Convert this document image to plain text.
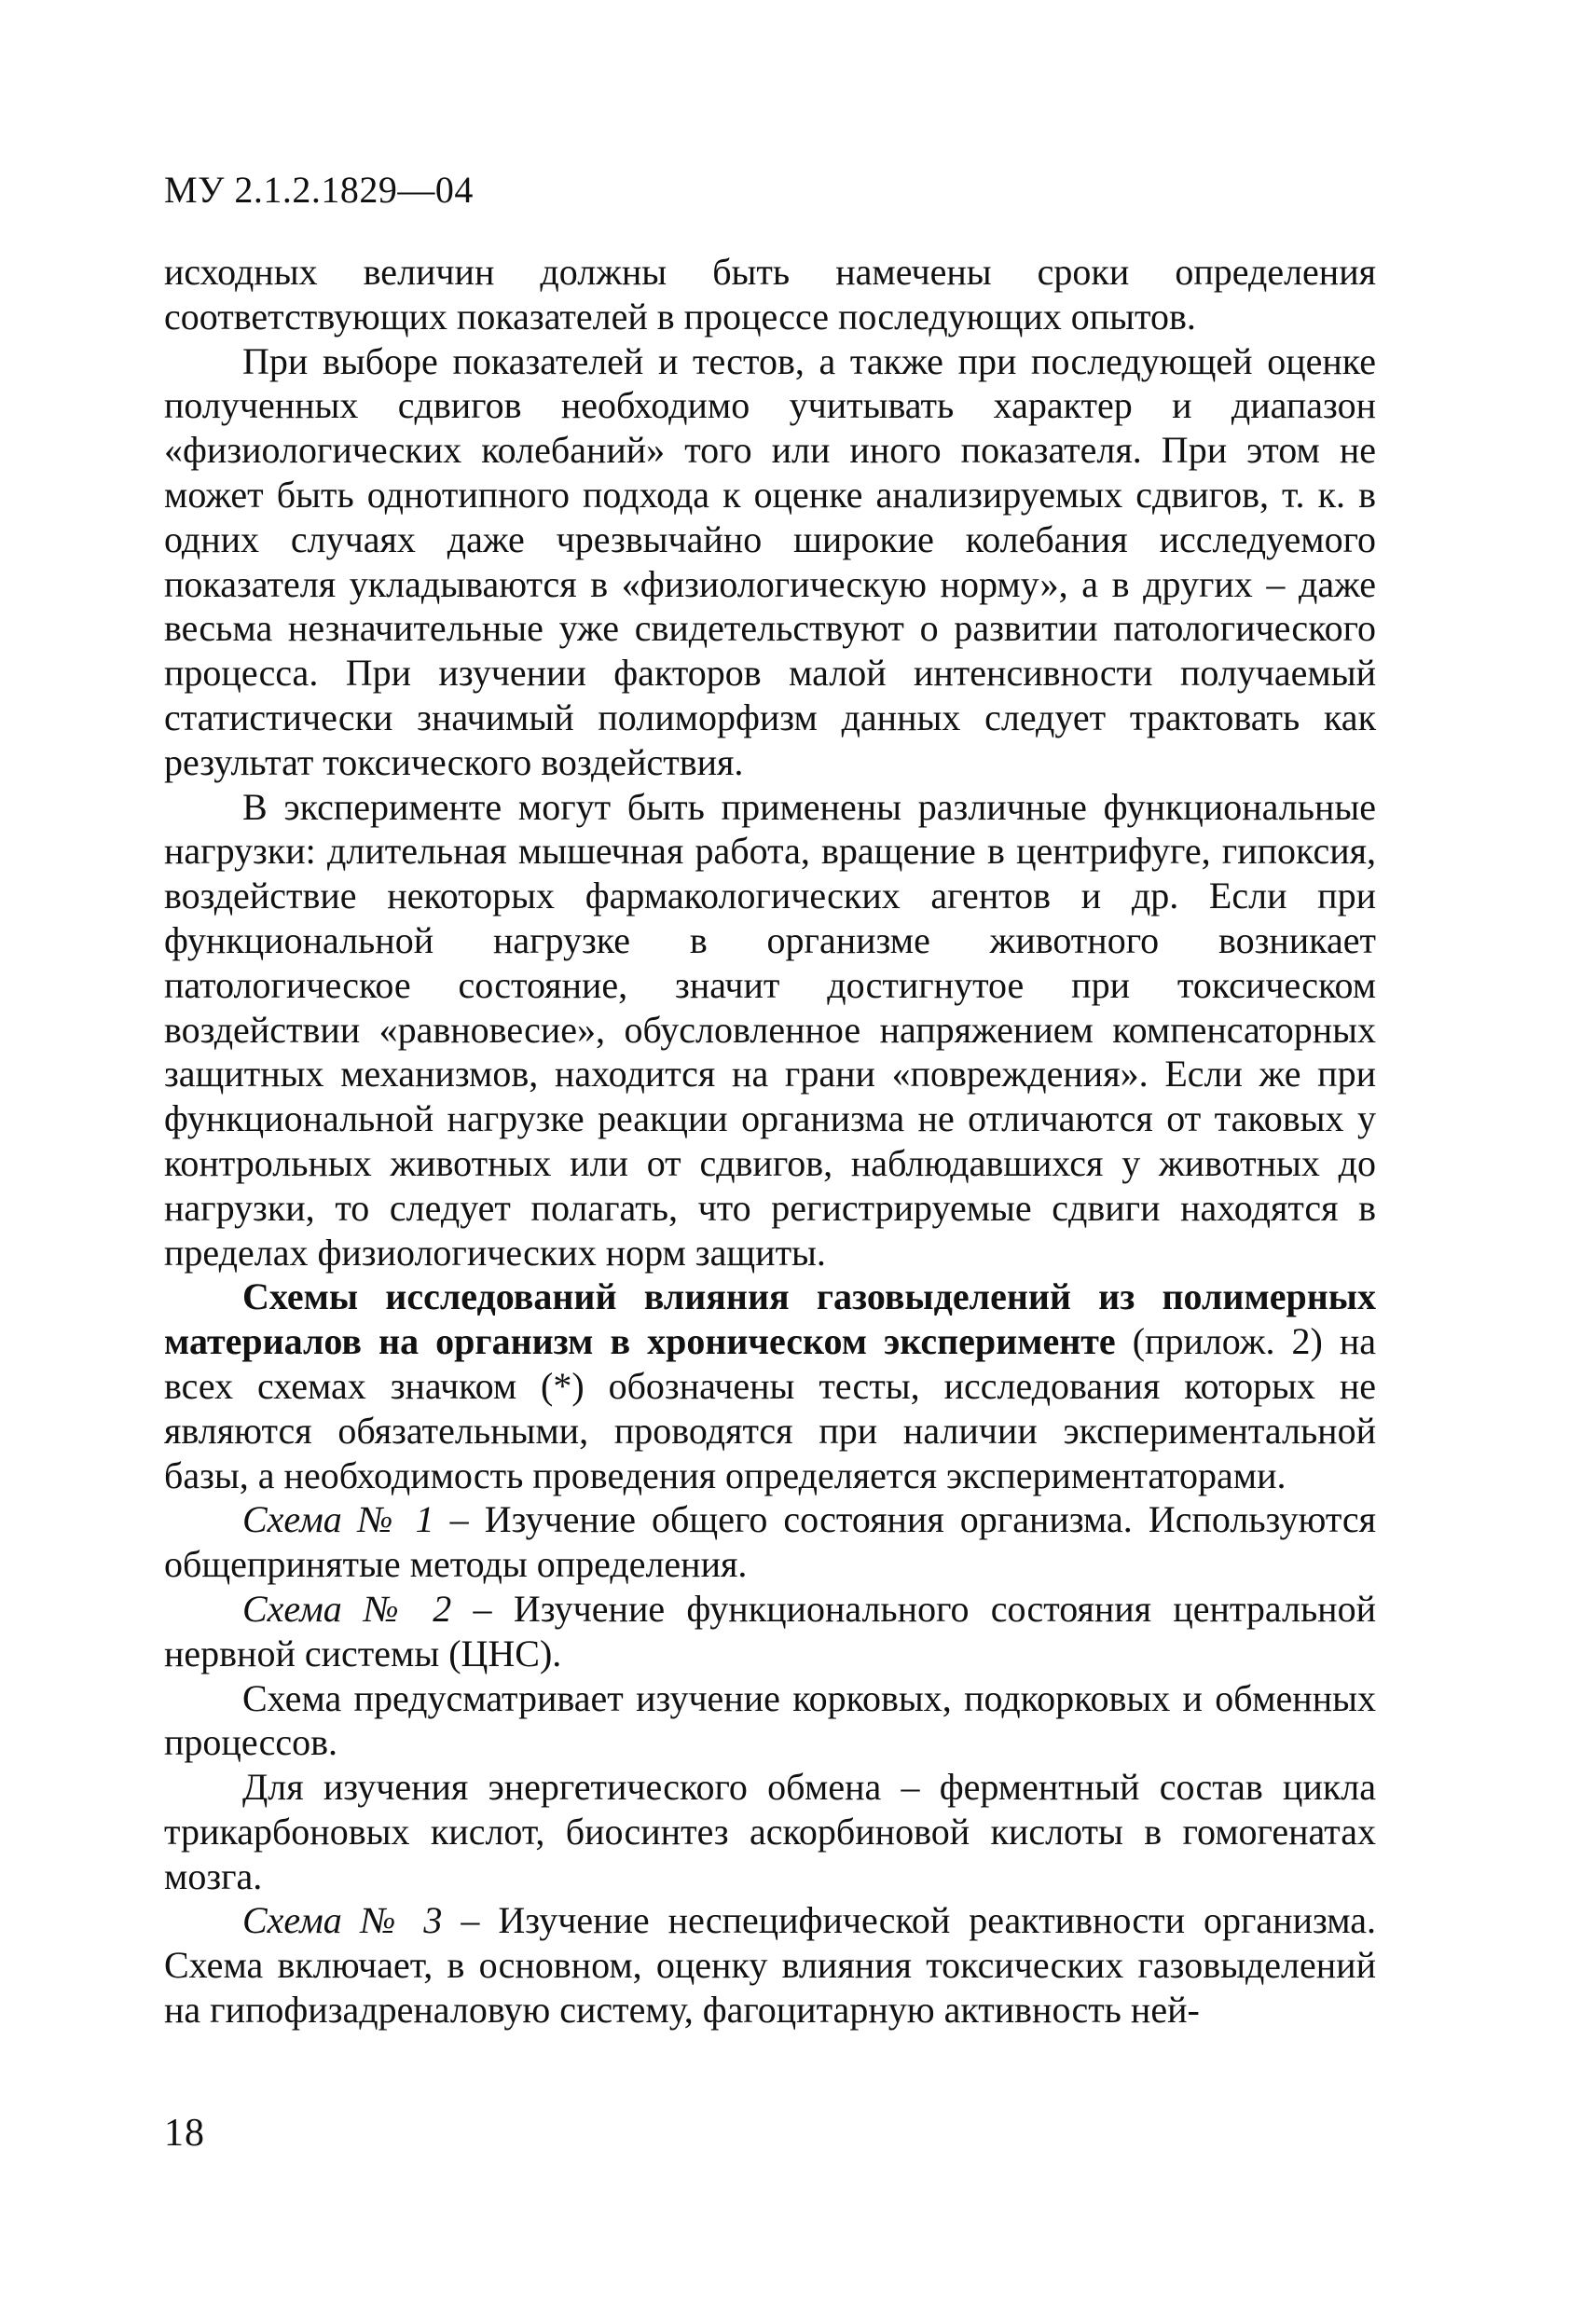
МУ 2.1.2.1829—04

исходных величин должны быть намечены сроки определения соответствующих показателей в процессе последующих опытов.

При выборе показателей и тестов, а также при последующей оценке полученных сдвигов необходимо учитывать характер и диапазон «физиологических колебаний» того или иного показателя. При этом не может быть однотипного подхода к оценке анализируемых сдвигов, т. к. в одних случаях даже чрезвычайно широкие колебания исследуемого показателя укладываются в «физиологическую норму», а в других – даже весьма незначительные уже свидетельствуют о развитии патологического процесса. При изучении факторов малой интенсивности получаемый статистически значимый полиморфизм данных следует трактовать как результат токсического воздействия.

В эксперименте могут быть применены различные функциональные нагрузки: длительная мышечная работа, вращение в центрифуге, гипоксия, воздействие некоторых фармакологических агентов и др. Если при функциональной нагрузке в организме животного возникает патологическое состояние, значит достигнутое при токсическом воздействии «равновесие», обусловленное напряжением компенсаторных защитных механизмов, находится на грани «повреждения». Если же при функциональной нагрузке реакции организма не отличаются от таковых у контрольных животных или от сдвигов, наблюдавшихся у животных до нагрузки, то следует полагать, что регистрируемые сдвиги находятся в пределах физиологических норм защиты.

Схемы исследований влияния газовыделений из полимерных материалов на организм в хроническом эксперименте (прилож. 2) на всех схемах значком (*) обозначены тесты, исследования которых не являются обязательными, проводятся при наличии экспериментальной базы, а необходимость проведения определяется экспериментаторами.

Схема № 1 – Изучение общего состояния организма. Используются общепринятые методы определения.

Схема № 2 – Изучение функционального состояния центральной нервной системы (ЦНС).

Схема предусматривает изучение корковых, подкорковых и обменных процессов.

Для изучения энергетического обмена – ферментный состав цикла трикарбоновых кислот, биосинтез аскорбиновой кислоты в гомогенатах мозга.

Схема № 3 – Изучение неспецифической реактивности организма. Схема включает, в основном, оценку влияния токсических газовыделений на гипофизадреналовую систему, фагоцитарную активность ней-

18
